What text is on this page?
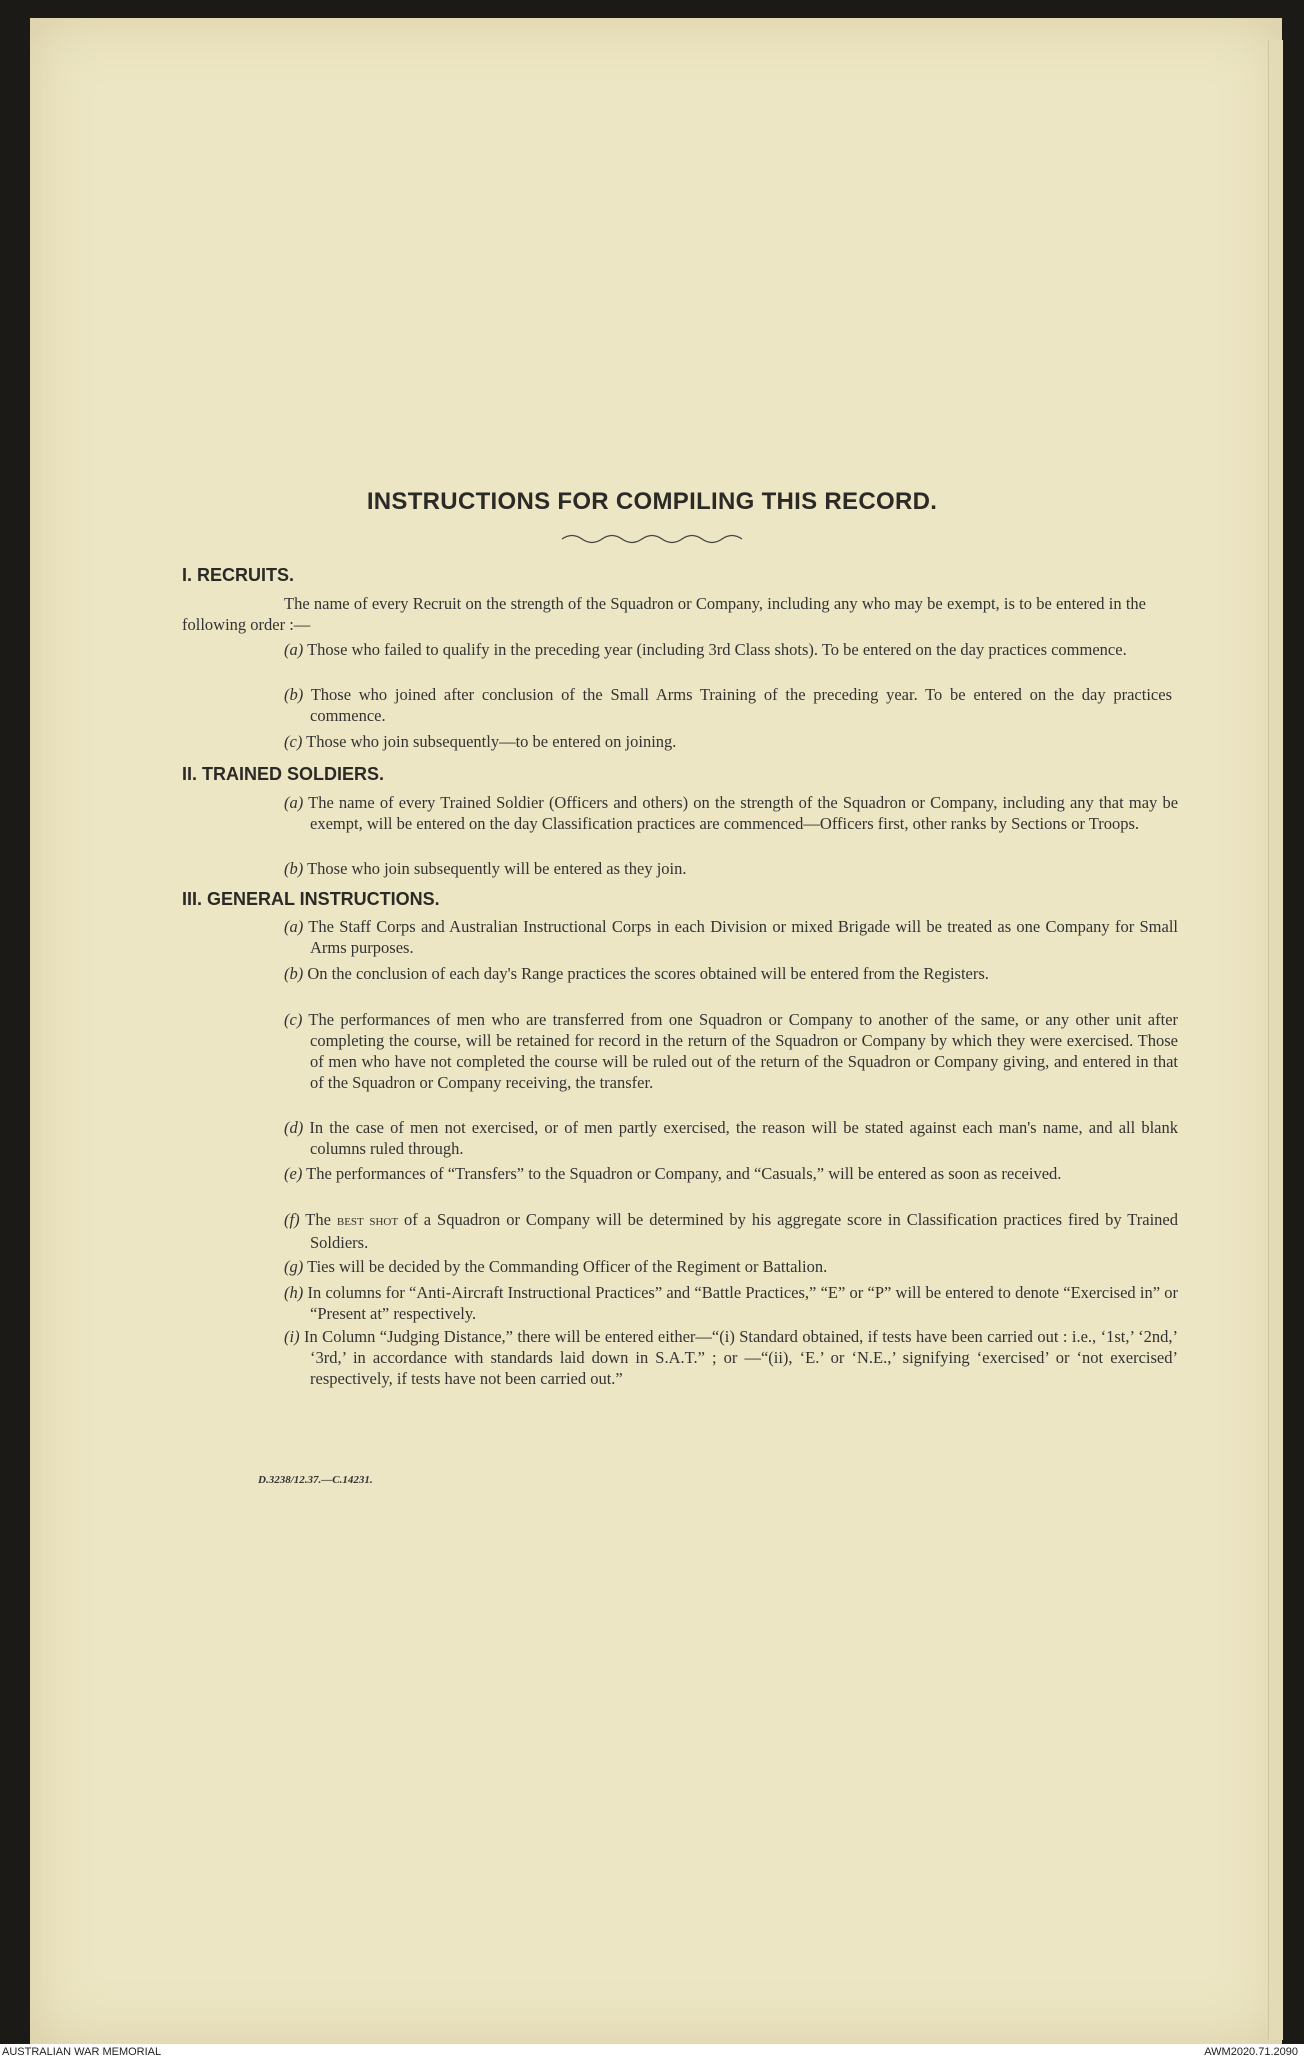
INSTRUCTIONS FOR COMPILING THIS RECORD.
I. RECRUITS.
The name of every Recruit on the strength of the Squadron or Company, including any who may be exempt, is to be entered in the following order :—
(a) Those who failed to qualify in the preceding year (including 3rd Class shots). To be entered on the day practices commence.
(b) Those who joined after conclusion of the Small Arms Training of the preceding year. To be entered on the day practices commence.
(c) Those who join subsequently—to be entered on joining.
II. TRAINED SOLDIERS.
(a) The name of every Trained Soldier (Officers and others) on the strength of the Squadron or Company, including any that may be exempt, will be entered on the day Classification practices are commenced—Officers first, other ranks by Sections or Troops.
(b) Those who join subsequently will be entered as they join.
III. GENERAL INSTRUCTIONS.
(a) The Staff Corps and Australian Instructional Corps in each Division or mixed Brigade will be treated as one Company for Small Arms purposes.
(b) On the conclusion of each day's Range practices the scores obtained will be entered from the Registers.
(c) The performances of men who are transferred from one Squadron or Company to another of the same, or any other unit after completing the course, will be retained for record in the return of the Squadron or Company by which they were exercised. Those of men who have not completed the course will be ruled out of the return of the Squadron or Company giving, and entered in that of the Squadron or Company receiving, the transfer.
(d) In the case of men not exercised, or of men partly exercised, the reason will be stated against each man's name, and all blank columns ruled through.
(e) The performances of “Transfers” to the Squadron or Company, and “Casuals,” will be entered as soon as received.
(f) The best shot of a Squadron or Company will be determined by his aggregate score in Classification practices fired by Trained Soldiers.
(g) Ties will be decided by the Commanding Officer of the Regiment or Battalion.
(h) In columns for “Anti-Aircraft Instructional Practices” and “Battle Practices,” “E” or “P” will be entered to denote “Exercised in” or “Present at” respectively.
(i) In Column “Judging Distance,” there will be entered either—“(i) Standard obtained, if tests have been carried out : i.e., ‘1st,’ ‘2nd,’ ‘3rd,’ in accordance with standards laid down in S.A.T.” ; or —“(ii), ‘E.’ or ‘N.E.,’ signifying ‘exercised’ or ‘not exercised’ respectively, if tests have not been carried out.”
D.3238/12.37.—C.14231.
AUSTRALIAN WAR MEMORIAL	AWM2020.71.2090
